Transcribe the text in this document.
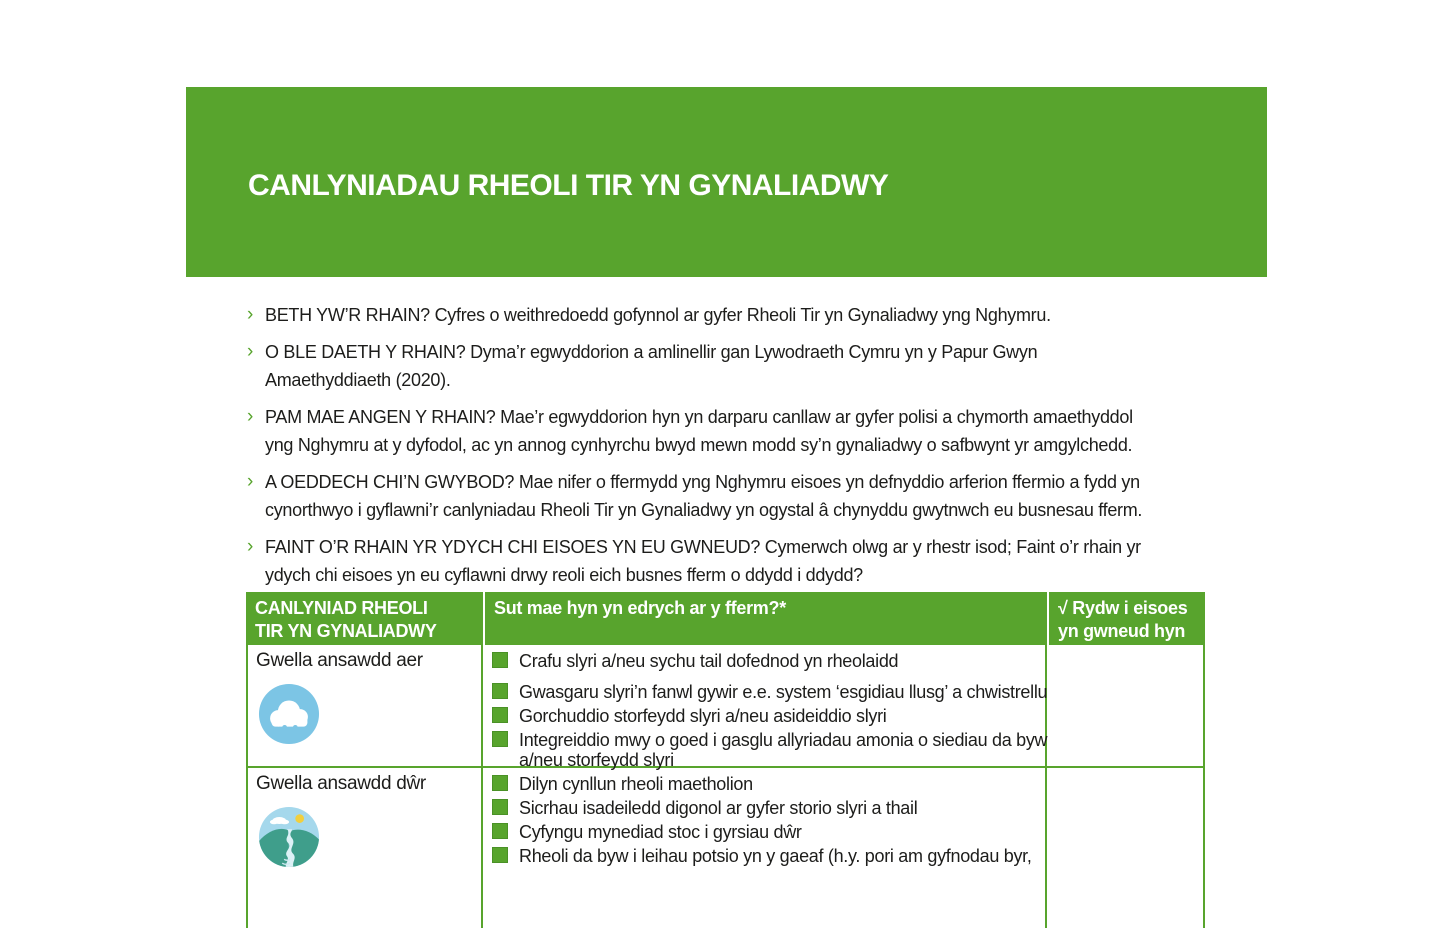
CANLYNIADAU RHEOLI TIR YN GYNALIADWY
› BETH YW’R RHAIN? Cyfres o weithredoedd gofynnol ar gyfer Rheoli Tir yn Gynaliadwy yng Nghymru.
› O BLE DAETH Y RHAIN? Dyma’r egwyddorion a amlinellir gan Lywodraeth Cymru yn y Papur Gwyn Amaethyddiaeth (2020).
› PAM MAE ANGEN Y RHAIN? Mae’r egwyddorion hyn yn darparu canllaw ar gyfer polisi a chymorth amaethyddol yng Nghymru at y dyfodol, ac yn annog cynhyrchu bwyd mewn modd sy’n gynaliadwy o safbwynt yr amgylchedd.
› A OEDDECH CHI’N GWYBOD? Mae nifer o ffermydd yng Nghymru eisoes yn defnyddio arferion ffermio a fydd yn cynorthwyo i gyflawni’r canlyniadau Rheoli Tir yn Gynaliadwy yn ogystal â chynyddu gwytnwch eu busnesau fferm.
› FAINT O’R RHAIN YR YDYCH CHI EISOES YN EU GWNEUD? Cymerwch olwg ar y rhestr isod; Faint o’r rhain yr ydych chi eisoes yn eu cyflawni drwy reoli eich busnes fferm o ddydd i ddydd?
CANLYNIAD RHEOLI TIR YN GYNALIADWY
Sut mae hyn yn edrych ar y fferm?*	√ Rydw i eisoes yn gwneud hyn
Gwella ansawdd aer	Crafu slyri a/neu sychu tail dofednod yn rheolaidd
Gwasgaru slyri’n fanwl gywir e.e. system ‘esgidiau llusg’ a chwistrellu
Gorchuddio storfeydd slyri a/neu asideiddio slyri
Integreiddio mwy o goed i gasglu allyriadau amonia o siediau da byw a/neu storfeydd slyri
Gwella ansawdd dŵr	Dilyn cynllun rheoli maetholion
Sicrhau isadeiledd digonol ar gyfer storio slyri a thail
Cyfyngu mynediad stoc i gyrsiau dŵr
Rheoli da byw i leihau potsio yn y gaeaf (h.y. pori am gyfnodau byr,
